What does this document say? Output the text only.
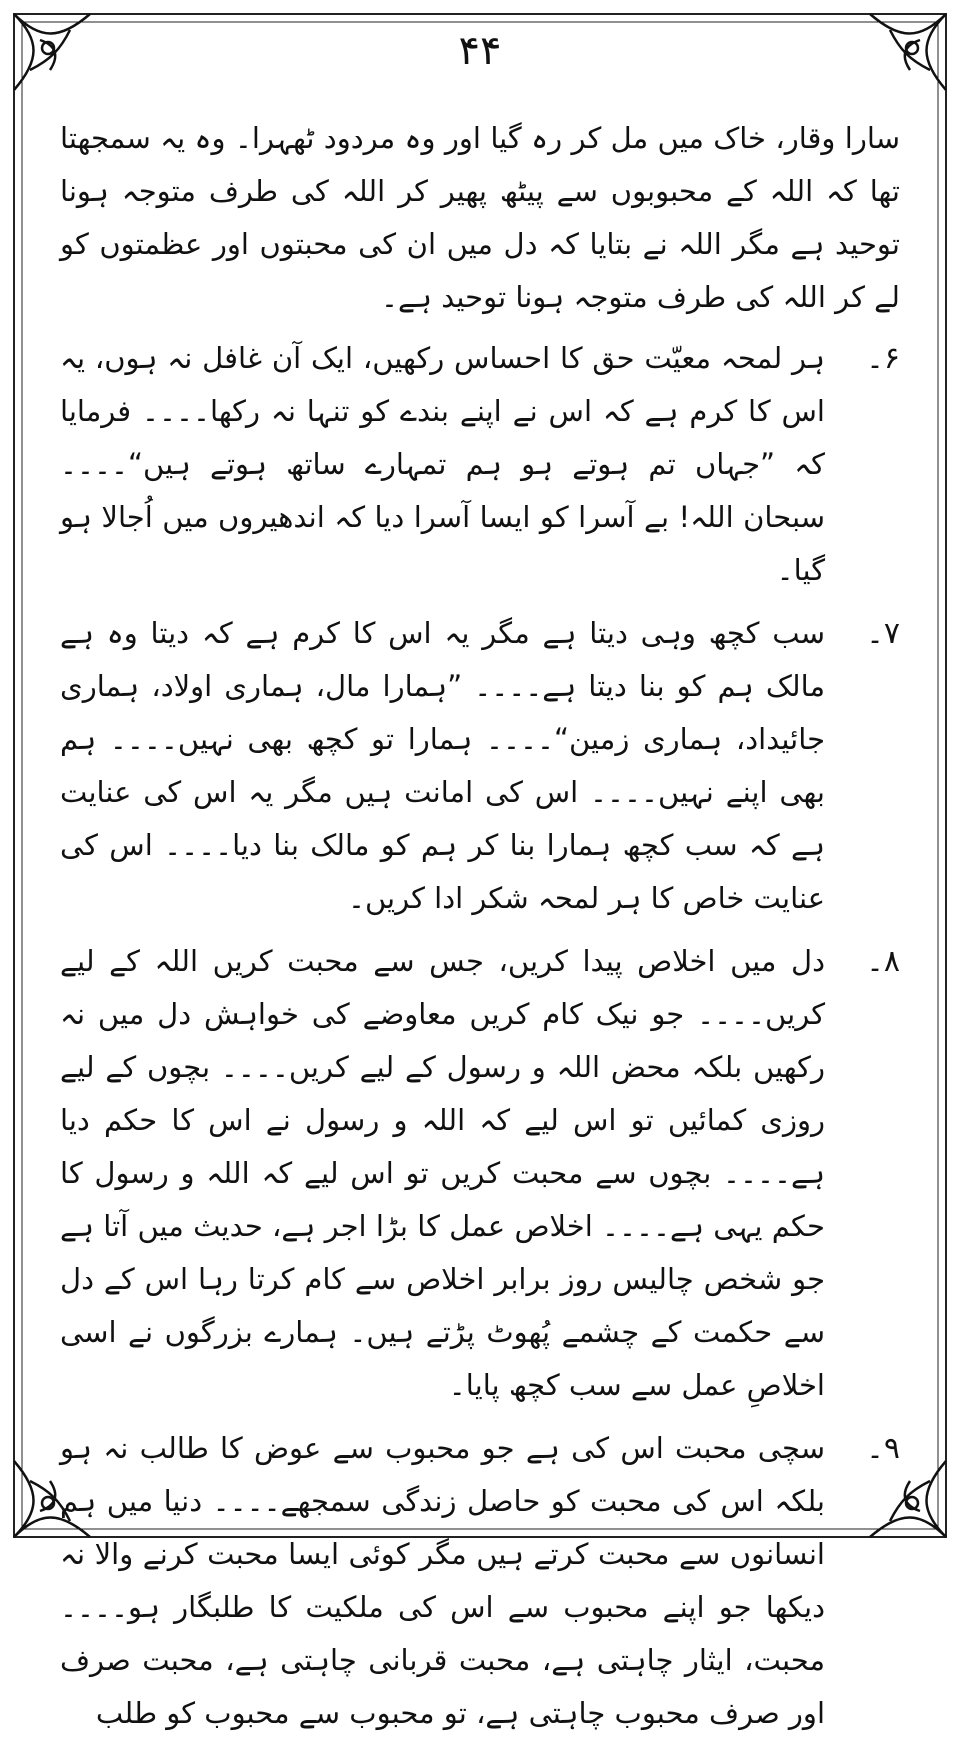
۴۴

سارا وقار، خاک میں مل کر رہ گیا اور وہ مردود ٹھہرا۔ وہ یہ سمجھتا تھا کہ اللہ کے محبوبوں سے پیٹھ پھیر کر اللہ کی طرف متوجہ ہونا توحید ہے مگر اللہ نے بتایا کہ دل میں ان کی محبتوں اور عظمتوں کو لے کر اللہ کی طرف متوجہ ہونا توحید ہے۔

۶۔
ہر لمحہ معیّت حق کا احساس رکھیں، ایک آن غافل نہ ہوں، یہ اس کا کرم ہے کہ اس نے اپنے بندے کو تنہا نہ رکھا۔۔۔۔ فرمایا کہ ”جہاں تم ہوتے ہو ہم تمہارے ساتھ ہوتے ہیں“۔۔۔۔ سبحان اللہ! بے آسرا کو ایسا آسرا دیا کہ اندھیروں میں اُجالا ہو گیا۔
۷۔
سب کچھ وہی دیتا ہے مگر یہ اس کا کرم ہے کہ دیتا وہ ہے مالک ہم کو بنا دیتا ہے۔۔۔۔ ”ہمارا مال، ہماری اولاد، ہماری جائیداد، ہماری زمین“۔۔۔۔ ہمارا تو کچھ بھی نہیں۔۔۔۔ ہم بھی اپنے نہیں۔۔۔۔ اس کی امانت ہیں مگر یہ اس کی عنایت ہے کہ سب کچھ ہمارا بنا کر ہم کو مالک بنا دیا۔۔۔۔ اس کی عنایت خاص کا ہر لمحہ شکر ادا کریں۔
۸۔
دل میں اخلاص پیدا کریں، جس سے محبت کریں اللہ کے لیے کریں۔۔۔۔ جو نیک کام کریں معاوضے کی خواہش دل میں نہ رکھیں بلکہ محض اللہ و رسول کے لیے کریں۔۔۔۔ بچوں کے لیے روزی کمائیں تو اس لیے کہ اللہ و رسول نے اس کا حکم دیا ہے۔۔۔۔ بچوں سے محبت کریں تو اس لیے کہ اللہ و رسول کا حکم یہی ہے۔۔۔۔ اخلاص عمل کا بڑا اجر ہے، حدیث میں آتا ہے جو شخص چالیس روز برابر اخلاص سے کام کرتا رہا اس کے دل سے حکمت کے چشمے پُھوٹ پڑتے ہیں۔ ہمارے بزرگوں نے اسی اخلاصِ عمل سے سب کچھ پایا۔
۹۔
سچی محبت اس کی ہے جو محبوب سے عوض کا طالب نہ ہو بلکہ اس کی محبت کو حاصل زندگی سمجھے۔۔۔۔ دنیا میں ہم انسانوں سے محبت کرتے ہیں مگر کوئی ایسا محبت کرنے والا نہ دیکھا جو اپنے محبوب سے اس کی ملکیت کا طلبگار ہو۔۔۔۔ محبت، ایثار چاہتی ہے، محبت قربانی چاہتی ہے، محبت صرف اور صرف محبوب چاہتی ہے، تو محبوب سے محبوب کو طلب
